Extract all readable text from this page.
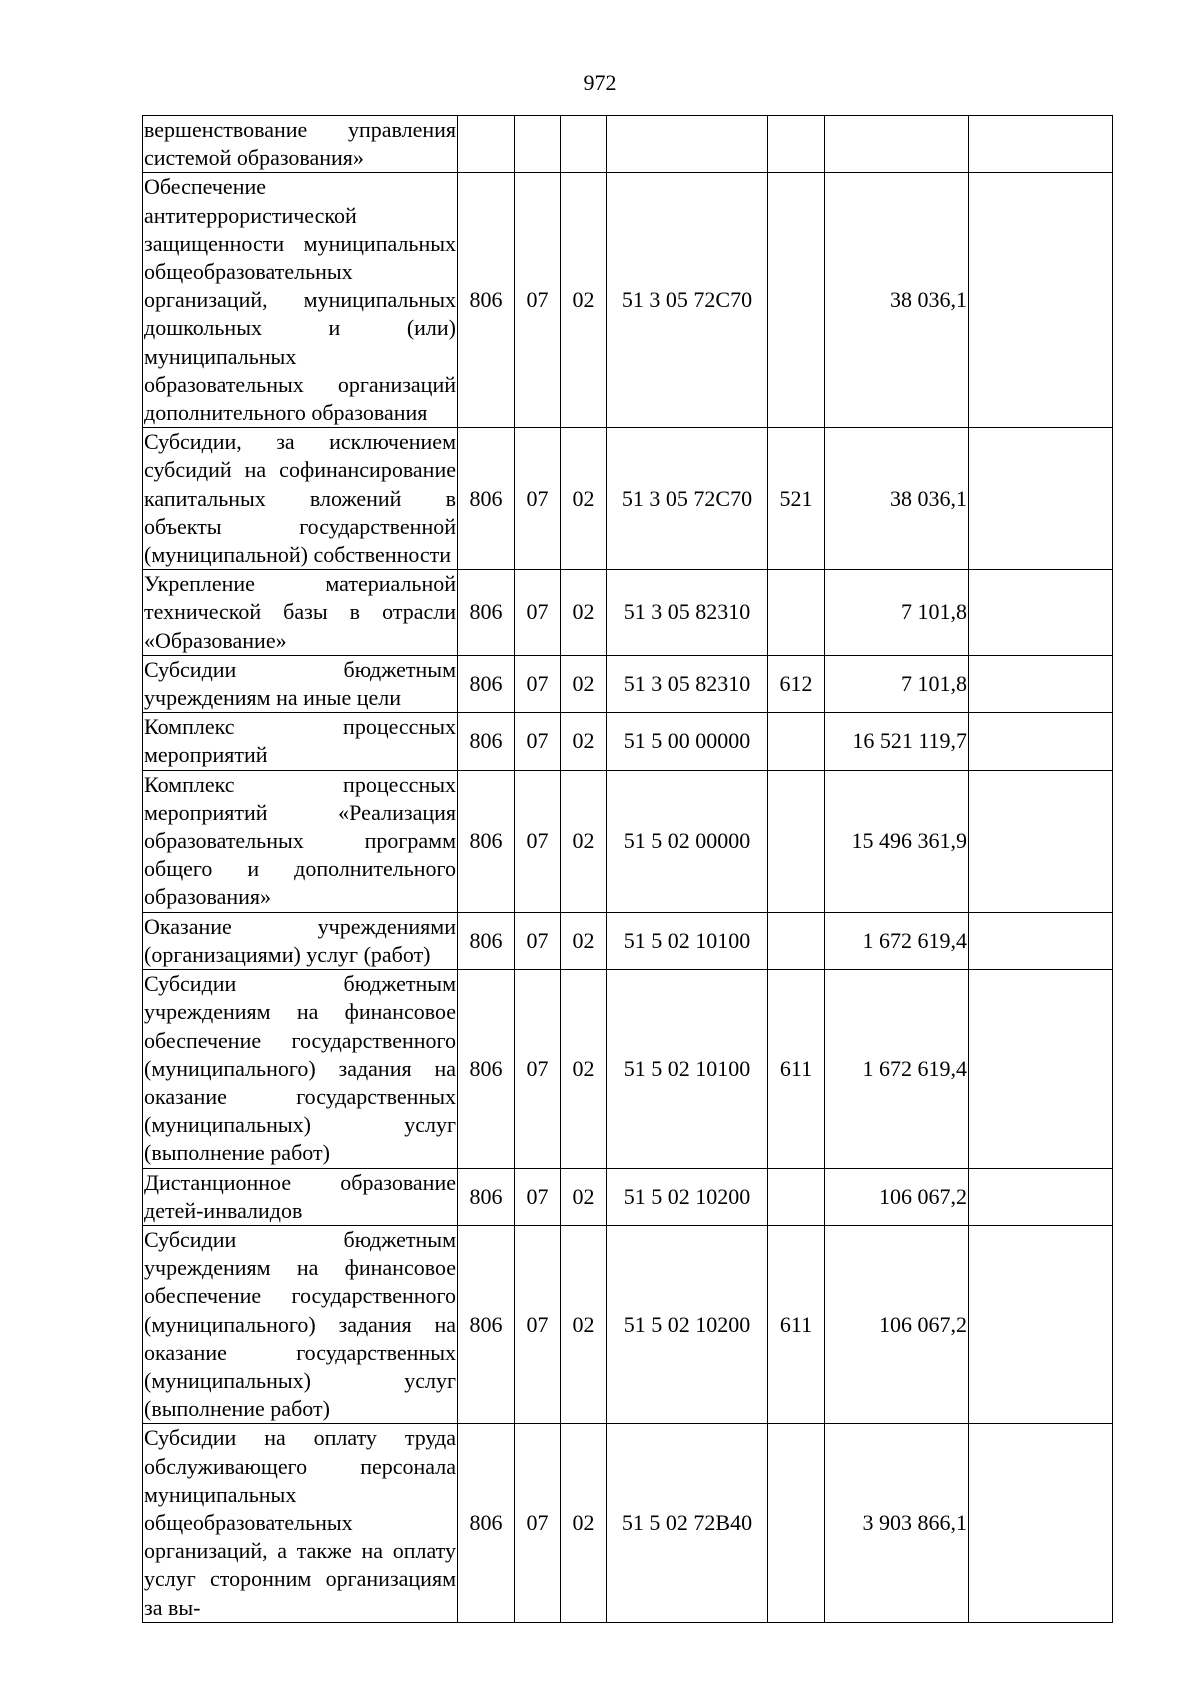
972
вершенствование управления системой образования»							
Обеспечение антитеррористической защищенности муниципальных общеобразовательных организаций, муниципальных дошкольных и (или) муниципальных образовательных организаций дополнительного образования	806	07	02	51 3 05 72С70		38 036,1	
Субсидии, за исключением субсидий на софинансирование капитальных вложений в объекты государственной (муниципальной) собственности	806	07	02	51 3 05 72С70	521	38 036,1	
Укрепление материальной технической базы в отрасли «Образование»	806	07	02	51 3 05 82310		7 101,8	
Субсидии бюджетным учреждениям на иные цели	806	07	02	51 3 05 82310	612	7 101,8	
Комплекс процессных мероприятий	806	07	02	51 5 00 00000		16 521 119,7	
Комплекс процессных мероприятий «Реализация образовательных программ общего и дополнительного образования»	806	07	02	51 5 02 00000		15 496 361,9	
Оказание учреждениями (организациями) услуг (работ)	806	07	02	51 5 02 10100		1 672 619,4	
Субсидии бюджетным учреждениям на финансовое обеспечение государственного (муниципального) задания на оказание государственных (муниципальных) услуг (выполнение работ)	806	07	02	51 5 02 10100	611	1 672 619,4	
Дистанционное образование детей-инвалидов	806	07	02	51 5 02 10200		106 067,2	
Субсидии бюджетным учреждениям на финансовое обеспечение государственного (муниципального) задания на оказание государственных (муниципальных) услуг (выполнение работ)	806	07	02	51 5 02 10200	611	106 067,2	
Субсидии на оплату труда обслуживающего персонала муниципальных общеобразовательных организаций, а также на оплату услуг сторонним организациям за вы-	806	07	02	51 5 02 72В40		3 903 866,1	
